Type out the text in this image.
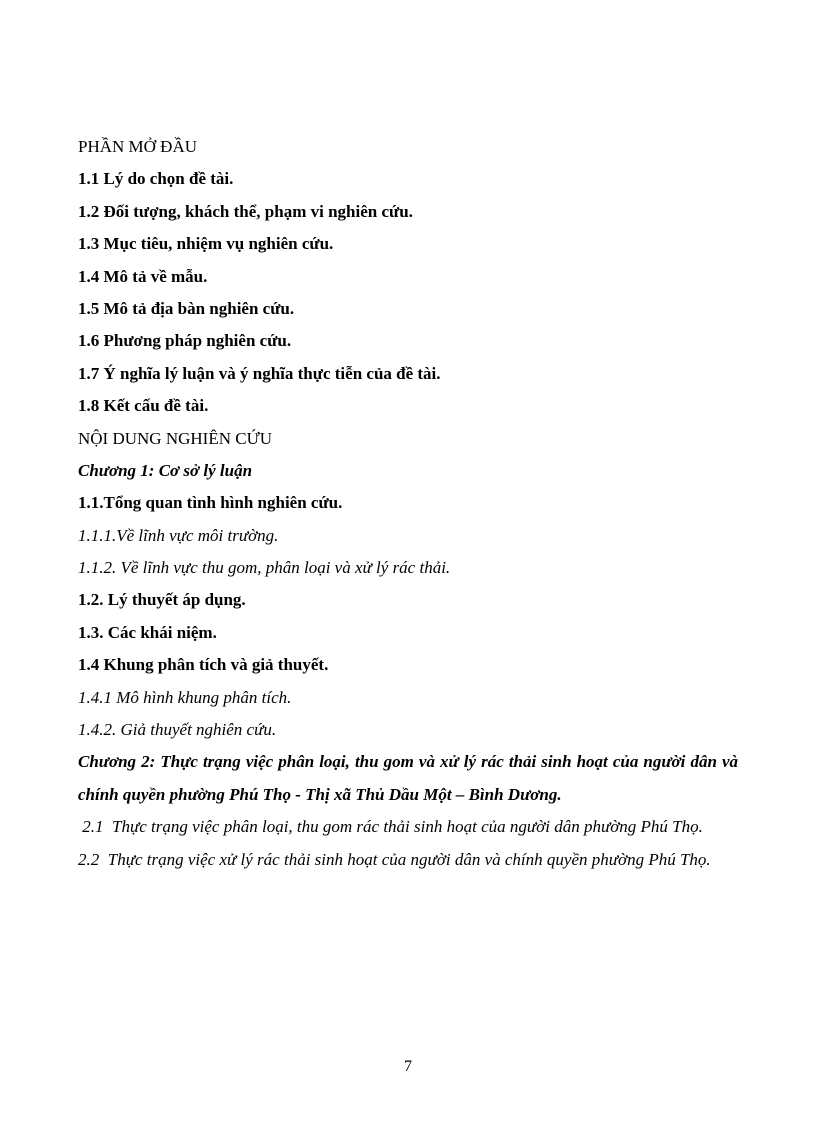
PHẦN MỞ ĐẦU
1.1 Lý do chọn đề tài.
1.2 Đối tượng, khách thể, phạm vi nghiên cứu.
1.3 Mục tiêu, nhiệm vụ nghiên cứu.
1.4 Mô tả về mẫu.
1.5 Mô tả địa bàn nghiên cứu.
1.6 Phương pháp nghiên cứu.
1.7 Ý nghĩa lý luận và ý nghĩa thực tiễn của đề tài.
1.8 Kết cấu đề tài.
NỘI DUNG NGHIÊN CỨU
Chương 1: Cơ sở lý luận
1.1.Tổng quan tình hình nghiên cứu.
1.1.1.Về lĩnh vực môi trường.
1.1.2. Về lĩnh vực thu gom, phân loại và xử lý rác thải.
1.2. Lý thuyết áp dụng.
1.3. Các khái niệm.
1.4 Khung phân tích và giả thuyết.
1.4.1 Mô hình khung phân tích.
1.4.2. Giả thuyết nghiên cứu.
Chương 2: Thực trạng việc phân loại, thu gom và xử lý rác thải sinh hoạt của người dân và chính quyền phường Phú Thọ - Thị xã Thủ Dầu Một – Bình Dương.
2.1  Thực trạng việc phân loại, thu gom rác thải sinh hoạt của người dân phường Phú Thọ.
2.2  Thực trạng việc xử lý rác thải sinh hoạt của người dân và chính quyền phường Phú Thọ.
7
